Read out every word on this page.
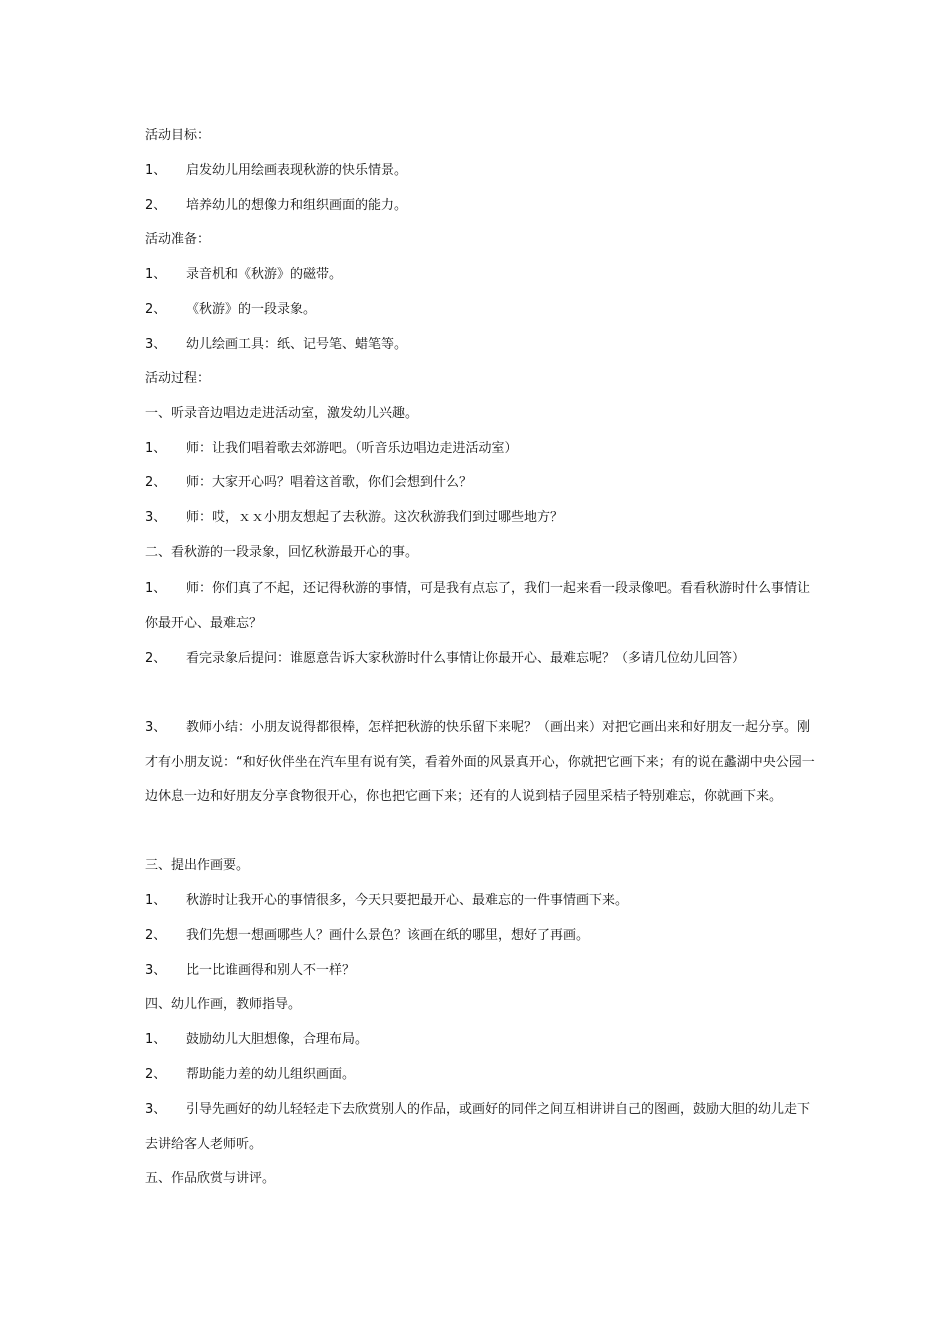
活动目标：
1、 启发幼儿用绘画表现秋游的快乐情景。
2、 培养幼儿的想像力和组织画面的能力。
活动准备：
1、 录音机和《秋游》的磁带。
2、 《秋游》的一段录象。
3、 幼儿绘画工具：纸、记号笔、蜡笔等。
活动过程：
一、听录音边唱边走进活动室，激发幼儿兴趣。
1、 师：让我们唱着歌去郊游吧。（听音乐边唱边走进活动室）
2、 师：大家开心吗？唱着这首歌，你们会想到什么？
3、 师：哎，ｘｘ小朋友想起了去秋游。这次秋游我们到过哪些地方？
二、看秋游的一段录象，回忆秋游最开心的事。
1、 师：你们真了不起，还记得秋游的事情，可是我有点忘了，我们一起来看一段录像吧。看看秋游时什么事情让你最开心、最难忘？
2、 看完录象后提问：谁愿意告诉大家秋游时什么事情让你最开心、最难忘呢？（多请几位幼儿回答）
3、 教师小结：小朋友说得都很棒，怎样把秋游的快乐留下来呢？（画出来）对把它画出来和好朋友一起分享。刚才有小朋友说：“和好伙伴坐在汽车里有说有笑，看着外面的风景真开心，你就把它画下来；有的说在蠡湖中央公园一边休息一边和好朋友分享食物很开心，你也把它画下来；还有的人说到桔子园里采桔子特别难忘，你就画下来。
三、提出作画要。
1、 秋游时让我开心的事情很多，今天只要把最开心、最难忘的一件事情画下来。
2、 我们先想一想画哪些人？画什么景色？该画在纸的哪里，想好了再画。
3、 比一比谁画得和别人不一样？
四、幼儿作画，教师指导。
1、 鼓励幼儿大胆想像，合理布局。
2、 帮助能力差的幼儿组织画面。
3、 引导先画好的幼儿轻轻走下去欣赏别人的作品，或画好的同伴之间互相讲讲自己的图画，鼓励大胆的幼儿走下去讲给客人老师听。
五、作品欣赏与讲评。
